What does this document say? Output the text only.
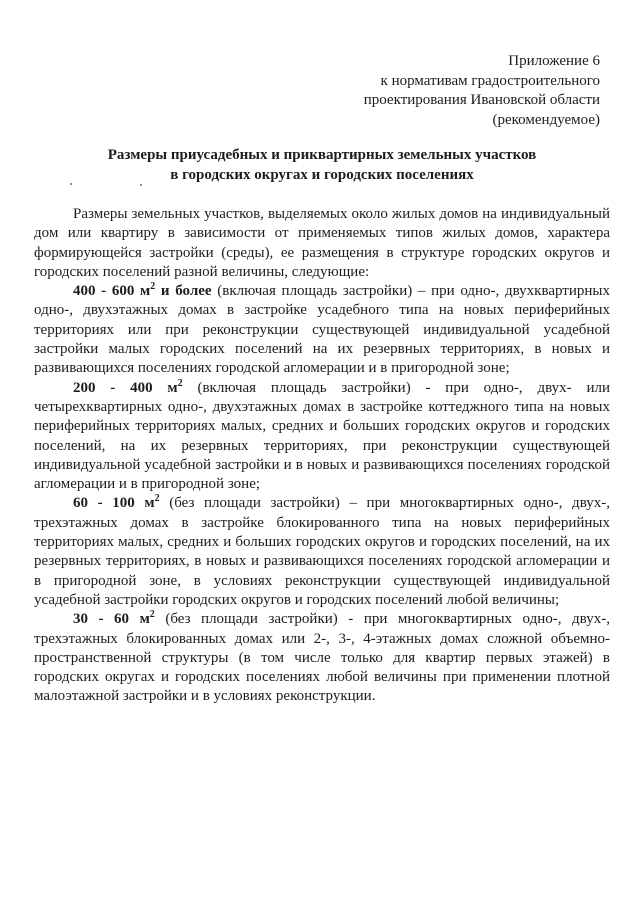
Приложение 6
к нормативам градостроительного
проектирования Ивановской области
(рекомендуемое)
Размеры приусадебных и приквартирных земельных участков
в городских округах и городских поселениях

Размеры земельных участков, выделяемых около жилых домов на индивидуальный дом или квартиру в зависимости от применяемых типов жилых домов, характера формирующейся застройки (среды), ее размещения в структуре городских округов и городских поселений разной величины, следующие:

400 - 600 $м^2$ и более (включая площадь застройки) – при одно-, двухквартирных одно-, двухэтажных домах в застройке усадебного типа на новых периферийных территориях или при реконструкции существующей индивидуальной усадебной застройки малых городских поселений на их резервных территориях, в новых и развивающихся поселениях городской агломерации и в пригородной зоне;

200 - 400 $м^2$ (включая площадь застройки) - при одно-, двух- или четырехквартирных одно-, двухэтажных домах в застройке коттеджного типа на новых периферийных территориях малых, средних и больших городских округов и городских поселений, на их резервных территориях, при реконструкции существующей индивидуальной усадебной застройки и в новых и развивающихся поселениях городской агломерации и в пригородной зоне;

60 - 100 $м^2$ (без площади застройки) – при многоквартирных одно-, двух-, трехэтажных домах в застройке блокированного типа на новых периферийных территориях малых, средних и больших городских округов и городских поселений, на их резервных территориях, в новых и развивающихся поселениях городской агломерации и в пригородной зоне, в условиях реконструкции существующей индивидуальной усадебной застройки городских округов и городских поселений любой величины;

30 - 60 $м^2$ (без площади застройки) - при многоквартирных одно-, двух-, трехэтажных блокированных домах или 2-, 3-, 4-этажных домах сложной объемно-пространственной структуры (в том числе только для квартир первых этажей) в городских округах и городских поселениях любой величины при применении плотной малоэтажной застройки и в условиях реконструкции.
